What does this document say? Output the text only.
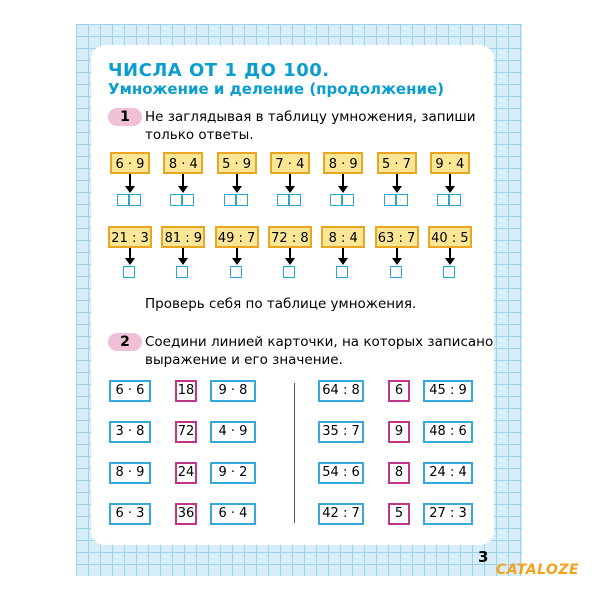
ЧИСЛА ОТ 1 ДО 100.
Умножение и деление (продолжение)
1	Не заглядывая в таблицу умножения, запиши
только ответы.
6 · 9	8 · 4	5 · 9	7 · 4	8 · 9	5 · 7	9 · 4
21 : 3 81 : 9 49 : 7 72 : 8	8 : 4	63 : 7 40 : 5
Проверь себя по таблице умножения.
2	Соедини линией карточки, на которых записано
выражение и его значение.
6 · 6	18	9 · 8
3 · 8	72	4 · 9
8 · 9	24	9 · 2
6 · 3	36	6 · 4
64 : 8	6	45 : 9
35 : 7	9	48 : 6
54 : 6	8	24 : 4
42 : 7	5	27 : 3
3
CATALOZE
